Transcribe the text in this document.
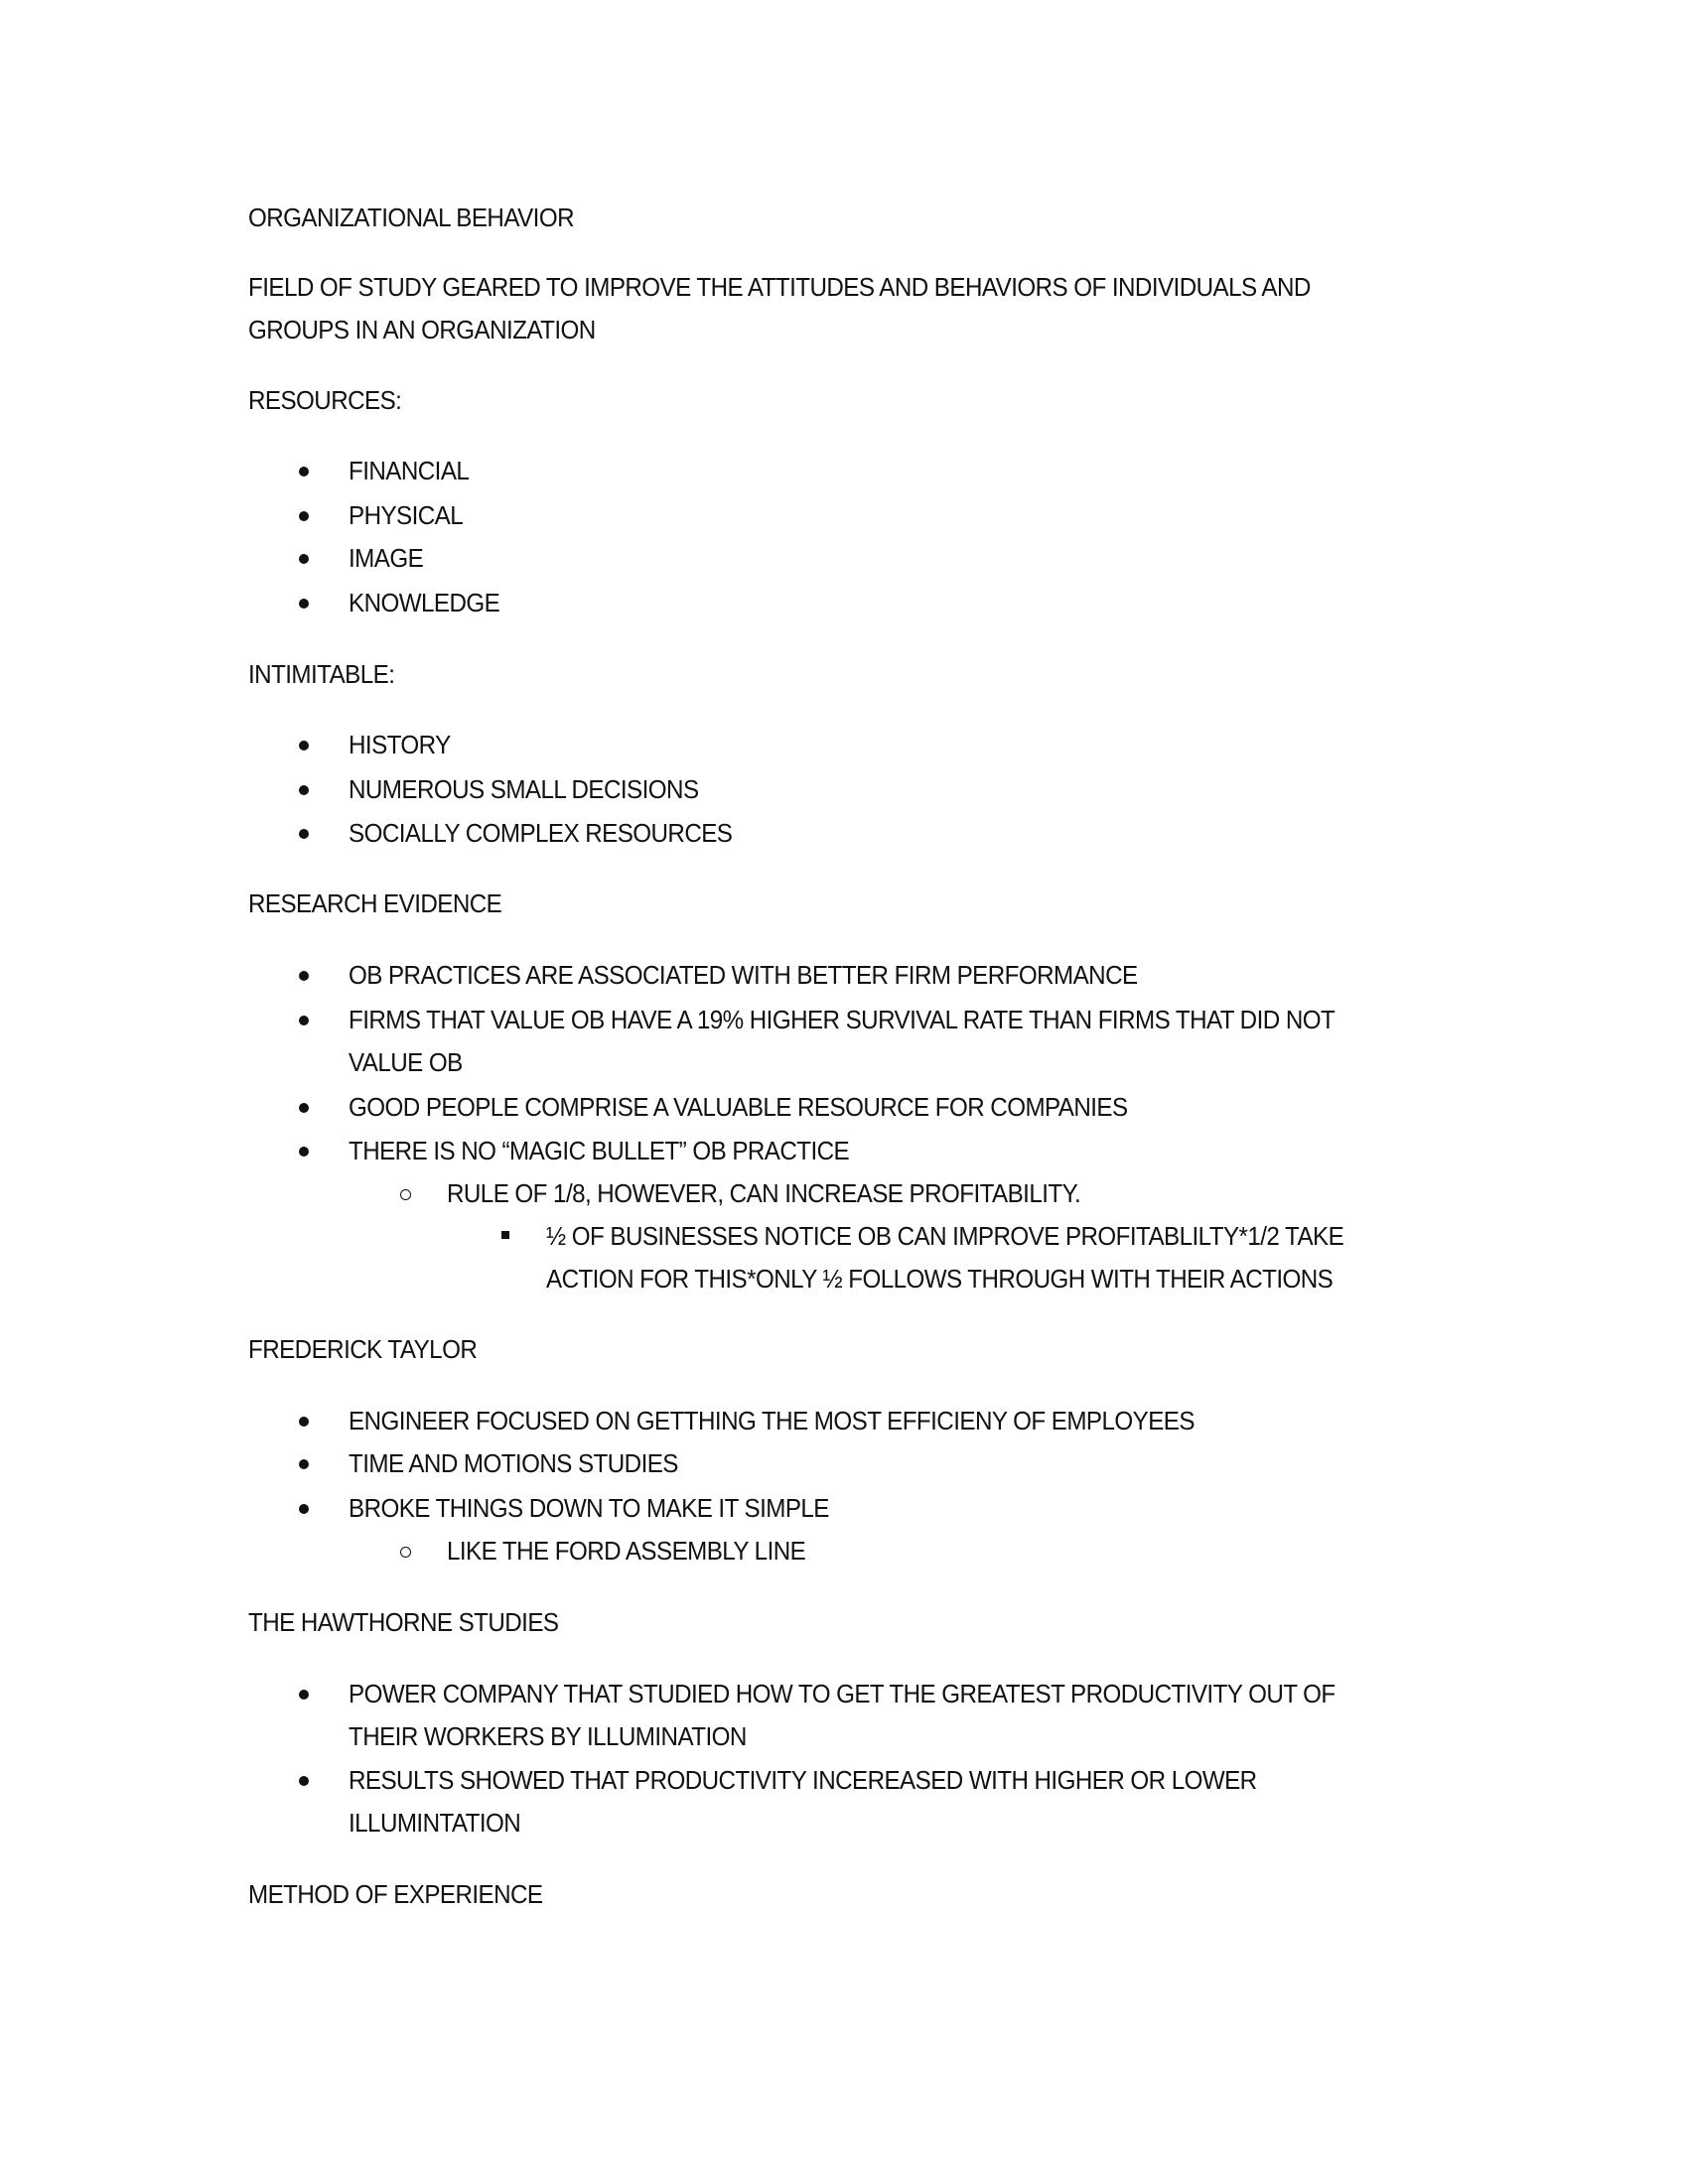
ORGANIZATIONAL BEHAVIOR
FIELD OF STUDY GEARED TO IMPROVE THE ATTITUDES AND BEHAVIORS OF INDIVIDUALS AND
GROUPS IN AN ORGANIZATION
RESOURCES:
FINANCIAL
PHYSICAL
IMAGE
KNOWLEDGE
INTIMITABLE:
HISTORY
NUMEROUS SMALL DECISIONS
SOCIALLY COMPLEX RESOURCES
RESEARCH EVIDENCE
OB PRACTICES ARE ASSOCIATED WITH BETTER FIRM PERFORMANCE
FIRMS THAT VALUE OB HAVE A 19% HIGHER SURVIVAL RATE THAN FIRMS THAT DID NOT
VALUE OB
GOOD PEOPLE COMPRISE A VALUABLE RESOURCE FOR COMPANIES
THERE IS NO “MAGIC BULLET” OB PRACTICE
RULE OF 1/8, HOWEVER, CAN INCREASE PROFITABILITY.
½ OF BUSINESSES NOTICE OB CAN IMPROVE PROFITABLILTY*1/2 TAKE
ACTION FOR THIS*ONLY ½ FOLLOWS THROUGH WITH THEIR ACTIONS
FREDERICK TAYLOR
ENGINEER FOCUSED ON GETTHING THE MOST EFFICIENY OF EMPLOYEES
TIME AND MOTIONS STUDIES
BROKE THINGS DOWN TO MAKE IT SIMPLE
LIKE THE FORD ASSEMBLY LINE
THE HAWTHORNE STUDIES
POWER COMPANY THAT STUDIED HOW TO GET THE GREATEST PRODUCTIVITY OUT OF
THEIR WORKERS BY ILLUMINATION
RESULTS SHOWED THAT PRODUCTIVITY INCEREASED WITH HIGHER OR LOWER
ILLUMINTATION
METHOD OF EXPERIENCE
